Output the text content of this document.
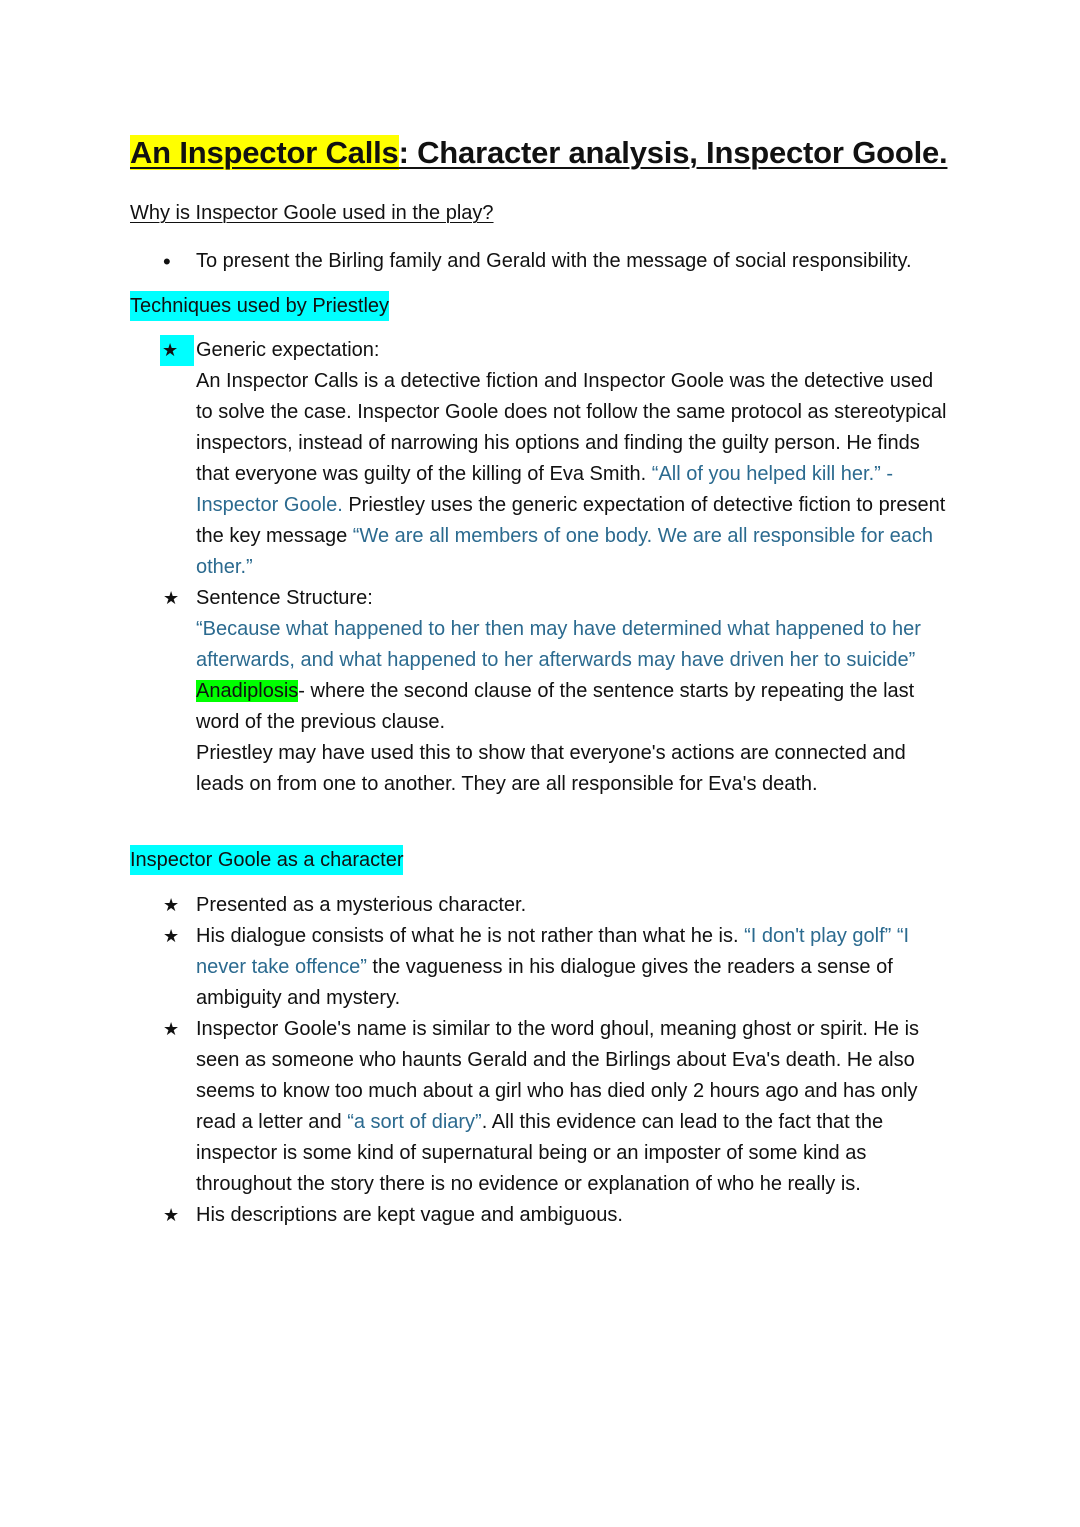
An Inspector Calls: Character analysis, Inspector Goole.
Why is Inspector Goole used in the play?
•	To present the Birling family and Gerald with the message of social responsibility.
Techniques used by Priestley
★ Generic expectation:
An Inspector Calls is a detective fiction and Inspector Goole was the detective used to solve the case. Inspector Goole does not follow the same protocol as stereotypical inspectors, instead of narrowing his options and finding the guilty person. He finds that everyone was guilty of the killing of Eva Smith. “All of you helped kill her.” - Inspector Goole. Priestley uses the generic expectation of detective fiction to present the key message “We are all members of one body. We are all responsible for each other.”
★ Sentence Structure:
“Because what happened to her then may have determined what happened to her afterwards, and what happened to her afterwards may have driven her to suicide”
Anadiplosis- where the second clause of the sentence starts by repeating the last word of the previous clause.
Priestley may have used this to show that everyone's actions are connected and leads on from one to another. They are all responsible for Eva's death.
Inspector Goole as a character
★ Presented as a mysterious character.
★ His dialogue consists of what he is not rather than what he is. “I don't play golf” “I never take offence” the vagueness in his dialogue gives the readers a sense of ambiguity and mystery.
★ Inspector Goole's name is similar to the word ghoul, meaning ghost or spirit. He is seen as someone who haunts Gerald and the Birlings about Eva's death. He also seems to know too much about a girl who has died only 2 hours ago and has only read a letter and “a sort of diary”. All this evidence can lead to the fact that the inspector is some kind of supernatural being or an imposter of some kind as throughout the story there is no evidence or explanation of who he really is.
★ His descriptions are kept vague and ambiguous.
